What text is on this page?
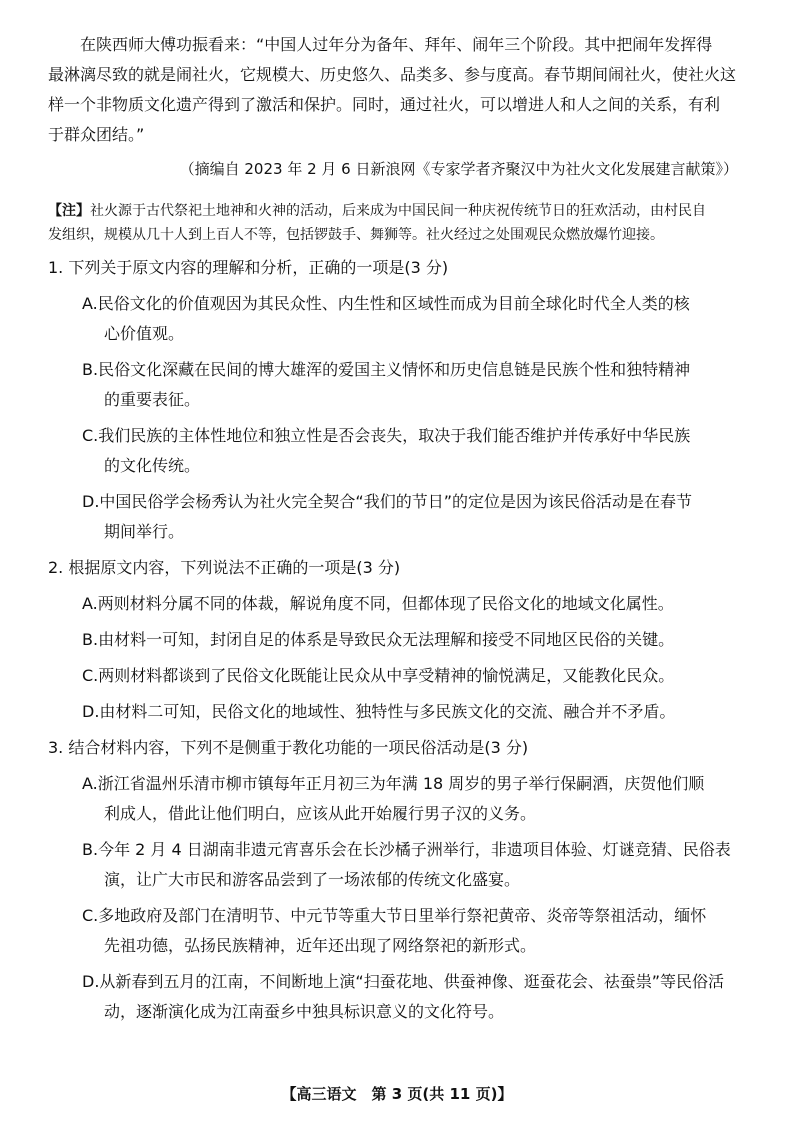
在陕西师大傅功振看来：“中国人过年分为备年、拜年、闹年三个阶段。其中把闹年发挥得

最淋漓尽致的就是闹社火，它规模大、历史悠久、品类多、参与度高。春节期间闹社火，使社火这

样一个非物质文化遗产得到了激活和保护。同时，通过社火，可以增进人和人之间的关系，有利

于群众团结。”

（摘编自 2023 年 2 月 6 日新浪网《专家学者齐聚汉中为社火文化发展建言献策》）

【注】社火源于古代祭祀土地神和火神的活动，后来成为中国民间一种庆祝传统节日的狂欢活动，由村民自
发组织，规模从几十人到上百人不等，包括锣鼓手、舞狮等。社火经过之处围观民众燃放爆竹迎接。
1. 下列关于原文内容的理解和分析，正确的一项是(3 分)

A.民俗文化的价值观因为其民众性、内生性和区域性而成为目前全球化时代全人类的核

心价值观。

B.民俗文化深藏在民间的博大雄浑的爱国主义情怀和历史信息链是民族个性和独特精神

的重要表征。

C.我们民族的主体性地位和独立性是否会丧失，取决于我们能否维护并传承好中华民族

的文化传统。

D.中国民俗学会杨秀认为社火完全契合“我们的节日”的定位是因为该民俗活动是在春节

期间举行。

2. 根据原文内容，下列说法不正确的一项是(3 分)

A.两则材料分属不同的体裁，解说角度不同，但都体现了民俗文化的地域文化属性。

B.由材料一可知，封闭自足的体系是导致民众无法理解和接受不同地区民俗的关键。

C.两则材料都谈到了民俗文化既能让民众从中享受精神的愉悦满足，又能教化民众。

D.由材料二可知，民俗文化的地域性、独特性与多民族文化的交流、融合并不矛盾。

3. 结合材料内容，下列不是侧重于教化功能的一项民俗活动是(3 分)

A.浙江省温州乐清市柳市镇每年正月初三为年满 18 周岁的男子举行保嗣酒，庆贺他们顺

利成人，借此让他们明白，应该从此开始履行男子汉的义务。

B.今年 2 月 4 日湖南非遗元宵喜乐会在长沙橘子洲举行，非遗项目体验、灯谜竞猜、民俗表

演，让广大市民和游客品尝到了一场浓郁的传统文化盛宴。

C.多地政府及部门在清明节、中元节等重大节日里举行祭祀黄帝、炎帝等祭祖活动，缅怀

先祖功德，弘扬民族精神，近年还出现了网络祭祀的新形式。

D.从新春到五月的江南，不间断地上演“扫蚕花地、供蚕神像、逛蚕花会、祛蚕祟”等民俗活

动，逐渐演化成为江南蚕乡中独具标识意义的文化符号。

【高三语文　第 3 页(共 11 页)】
